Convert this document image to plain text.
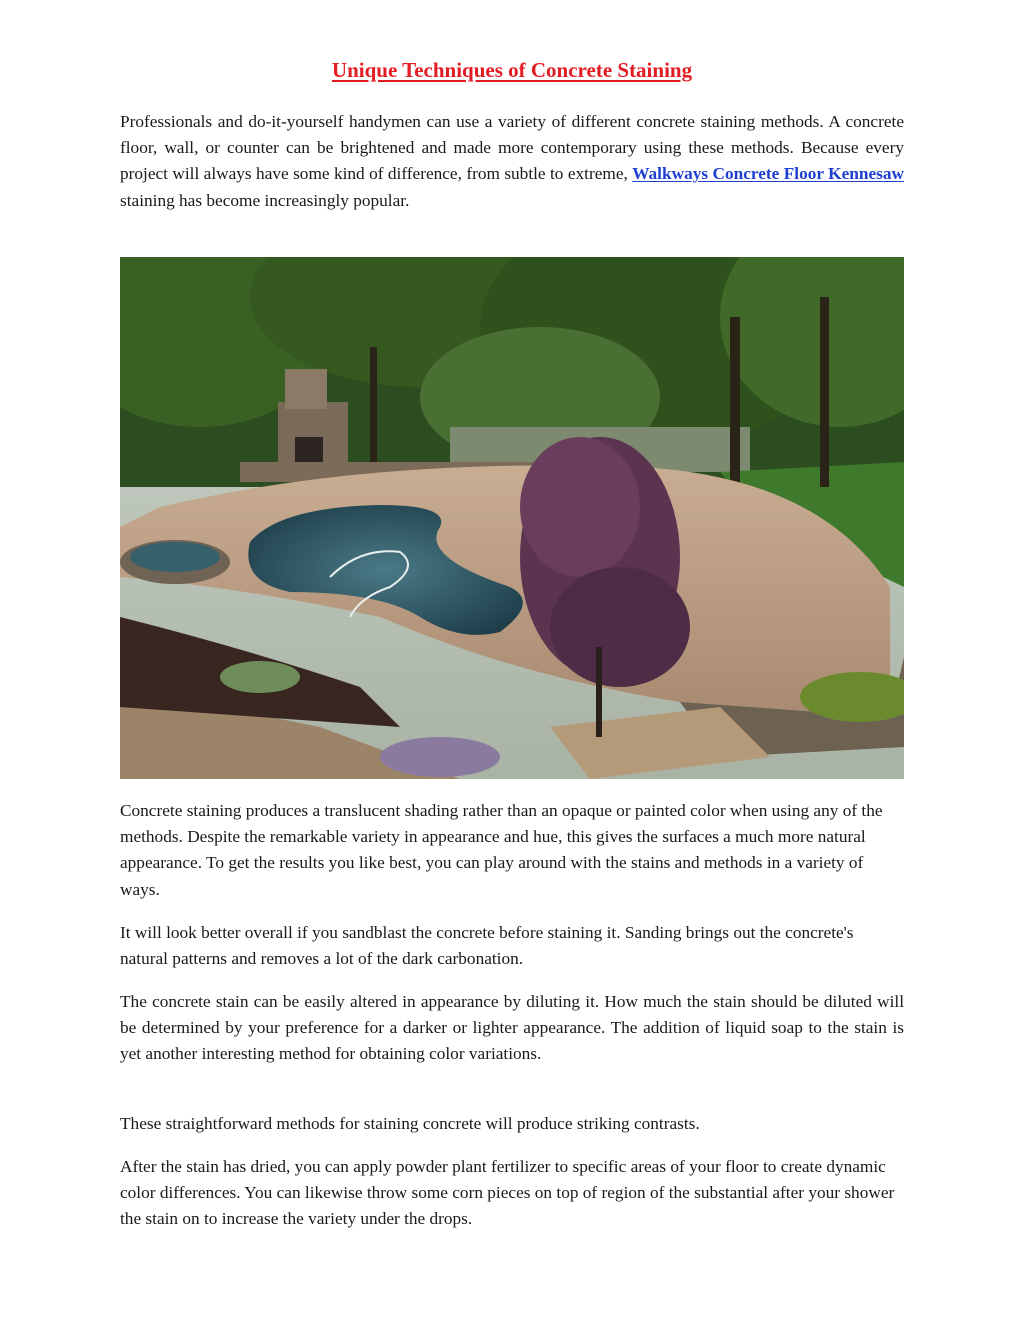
Unique Techniques of Concrete Staining

Professionals and do-it-yourself handymen can use a variety of different concrete staining methods. A concrete floor, wall, or counter can be brightened and made more contemporary using these methods. Because every project will always have some kind of difference, from subtle to extreme, Walkways Concrete Floor Kennesaw staining has become increasingly popular.

Concrete staining produces a translucent shading rather than an opaque or painted color when using any of the methods. Despite the remarkable variety in appearance and hue, this gives the surfaces a much more natural appearance. To get the results you like best, you can play around with the stains and methods in a variety of ways.

It will look better overall if you sandblast the concrete before staining it. Sanding brings out the concrete's natural patterns and removes a lot of the dark carbonation.

The concrete stain can be easily altered in appearance by diluting it. How much the stain should be diluted will be determined by your preference for a darker or lighter appearance. The addition of liquid soap to the stain is yet another interesting method for obtaining color variations.

These straightforward methods for staining concrete will produce striking contrasts.

After the stain has dried, you can apply powder plant fertilizer to specific areas of your floor to create dynamic color differences. You can likewise throw some corn pieces on top of region of the substantial after your shower the stain on to increase the variety under the drops.
